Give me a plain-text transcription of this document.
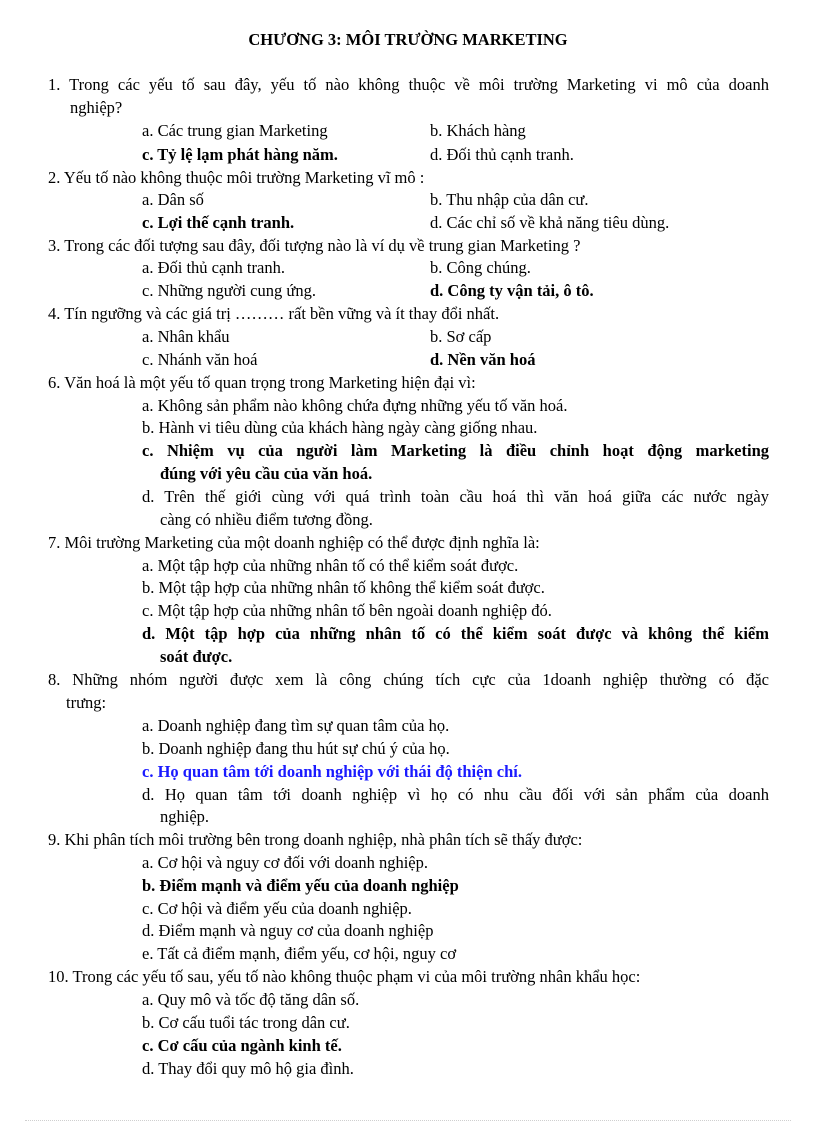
CHƯƠNG 3: MÔI TRƯỜNG MARKETING
1. Trong các yếu tố sau đây, yếu tố nào không thuộc về môi trường Marketing vi mô của doanh
nghiệp?
a. Các trung gian Marketing	b. Khách hàng
c. Tỷ lệ lạm phát hàng năm.	d. Đối thủ cạnh tranh.
2. Yếu tố nào không thuộc môi trường Marketing vĩ mô :
a. Dân số	b. Thu nhập của dân cư.
c. Lợi thế cạnh tranh.	d. Các chỉ số về khả năng tiêu dùng.
3. Trong các đối tượng sau đây, đối tượng nào là ví dụ về trung gian Marketing ?
a. Đối thủ cạnh tranh.	b. Công chúng.
c. Những người cung ứng.	d. Công ty vận tải, ô tô.
4. Tín ngưỡng và các giá trị ……… rất bền vững và ít thay đổi nhất.
a. Nhân khẩu	b. Sơ cấp
c. Nhánh văn hoá	d. Nền văn hoá
6. Văn hoá là một yếu tố quan trọng trong Marketing hiện đại vì:
a. Không sản phẩm nào không chứa đựng những yếu tố văn hoá.
b. Hành vi tiêu dùng của khách hàng ngày càng giống nhau.
c. Nhiệm vụ của người làm Marketing là điều chỉnh hoạt động marketing
đúng với yêu cầu của văn hoá.
d. Trên thế giới cùng với quá trình toàn cầu hoá thì văn hoá giữa các nước ngày
càng có nhiều điểm tương đồng.
7. Môi trường Marketing của một doanh nghiệp có thể được định nghĩa là:
a. Một tập hợp của những nhân tố có thể kiểm soát được.
b. Một tập hợp của những nhân tố không thể kiểm soát được.
c. Một tập hợp của những nhân tố bên ngoài doanh nghiệp đó.
d. Một tập hợp của những nhân tố có thể kiểm soát được và không thể kiểm
soát được.
8. Những nhóm người được xem là công chúng tích cực của 1doanh nghiệp thường có đặc
trưng:
a. Doanh nghiệp đang tìm sự quan tâm của họ.
b. Doanh nghiệp đang thu hút sự chú ý của họ.
c. Họ quan tâm tới doanh nghiệp với thái độ thiện chí.
d. Họ quan tâm tới doanh nghiệp vì họ có nhu cầu đối với sản phẩm của doanh
nghiệp.
9. Khi phân tích môi trường bên trong doanh nghiệp, nhà phân tích sẽ thấy được:
a. Cơ hội và nguy cơ đối với doanh nghiệp.
b. Điểm mạnh và điểm yếu của doanh nghiệp
c. Cơ hội và điểm yếu của doanh nghiệp.
d. Điểm mạnh và nguy cơ của doanh nghiệp
e. Tất cả điểm mạnh, điểm yếu, cơ hội, nguy cơ
10. Trong các yếu tố sau, yếu tố nào không thuộc phạm vi của môi trường nhân khẩu học:
a. Quy mô và tốc độ tăng dân số.
b. Cơ cấu tuổi tác trong dân cư.
c. Cơ cấu của ngành kinh tế.
d. Thay đổi quy mô hộ gia đình.
